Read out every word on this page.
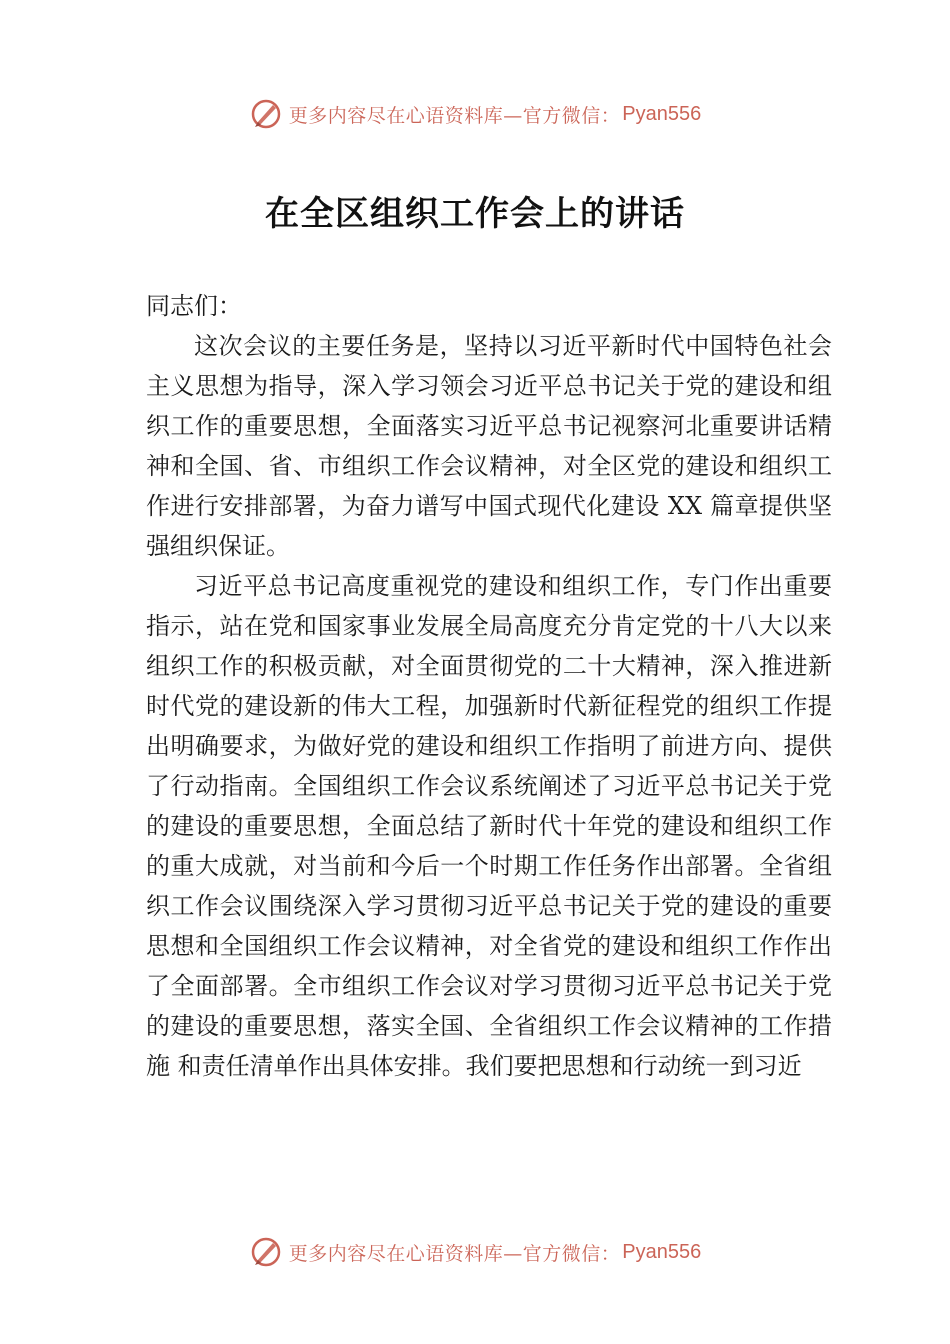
更多内容尽在心语资料库—官方微信： Pyan556
在全区组织工作会上的讲话

同志们：

这次会议的主要任务是，坚持以习近平新时代中国特色社会主义思想为指导，深入学习领会习近平总书记关于党的建设和组织工作的重要思想，全面落实习近平总书记视察河北重要讲话精神和全国、省、市组织工作会议精神，对全区党的建设和组织工作进行安排部署，为奋力谱写中国式现代化建设 XX 篇章提供坚强组织保证。

习近平总书记高度重视党的建设和组织工作，专门作出重要指示，站在党和国家事业发展全局高度充分肯定党的十八大以来组织工作的积极贡献，对全面贯彻党的二十大精神，深入推进新时代党的建设新的伟大工程，加强新时代新征程党的组织工作提出明确要求，为做好党的建设和组织工作指明了前进方向、提供了行动指南。全国组织工作会议系统阐述了习近平总书记关于党的建设的重要思想，全面总结了新时代十年党的建设和组织工作的重大成就，对当前和今后一个时期工作任务作出部署。全省组织工作会议围绕深入学习贯彻习近平总书记关于党的建设的重要思想和全国组织工作会议精神，对全省党的建设和组织工作作出了全面部署。全市组织工作会议对学习贯彻习近平总书记关于党的建设的重要思想，落实全国、全省组织工作会议精神的工作措施 和责任清单作出具体安排。我们要把思想和行动统一到习近

更多内容尽在心语资料库—官方微信： Pyan556
